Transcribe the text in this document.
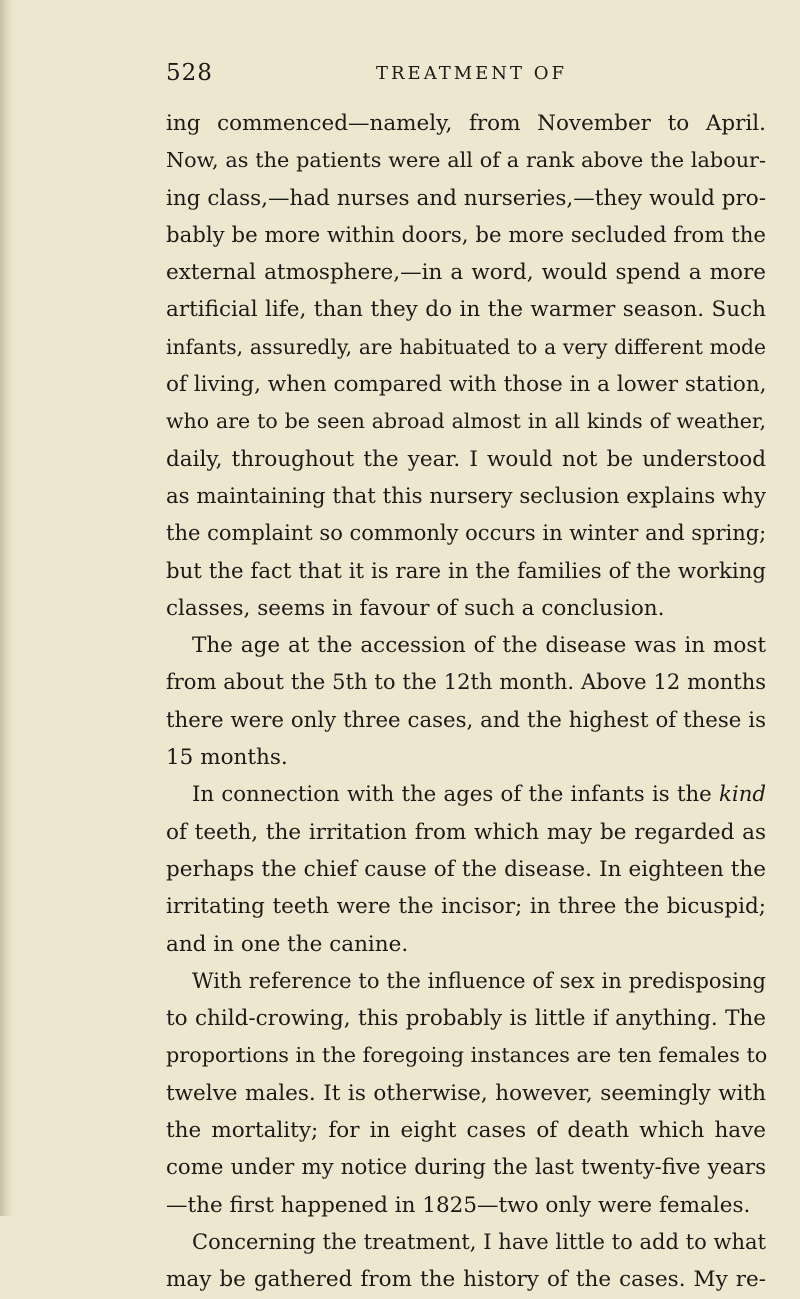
528	TREATMENT OF
ing commenced—namely, from November to April.
Now, as the patients were all of a rank above the labour-
ing class,—had nurses and nurseries,—they would pro-
bably be more within doors, be more secluded from the
external atmosphere,—in a word, would spend a more
artificial life, than they do in the warmer season. Such
infants, assuredly, are habituated to a very different mode
of living, when compared with those in a lower station,
who are to be seen abroad almost in all kinds of weather,
daily, throughout the year. I would not be understood
as maintaining that this nursery seclusion explains why
the complaint so commonly occurs in winter and spring;
but the fact that it is rare in the families of the working
classes, seems in favour of such a conclusion.
The age at the accession of the disease was in most
from about the 5th to the 12th month. Above 12 months
there were only three cases, and the highest of these is
15 months.
In connection with the ages of the infants is the kind
of teeth, the irritation from which may be regarded as
perhaps the chief cause of the disease. In eighteen the
irritating teeth were the incisor; in three the bicuspid;
and in one the canine.
With reference to the influence of sex in predisposing
to child-crowing, this probably is little if anything. The
proportions in the foregoing instances are ten females to
twelve males. It is otherwise, however, seemingly with
the mortality; for in eight cases of death which have
come under my notice during the last twenty-five years
—the first happened in 1825—two only were females.
Concerning the treatment, I have little to add to what
may be gathered from the history of the cases. My re-
